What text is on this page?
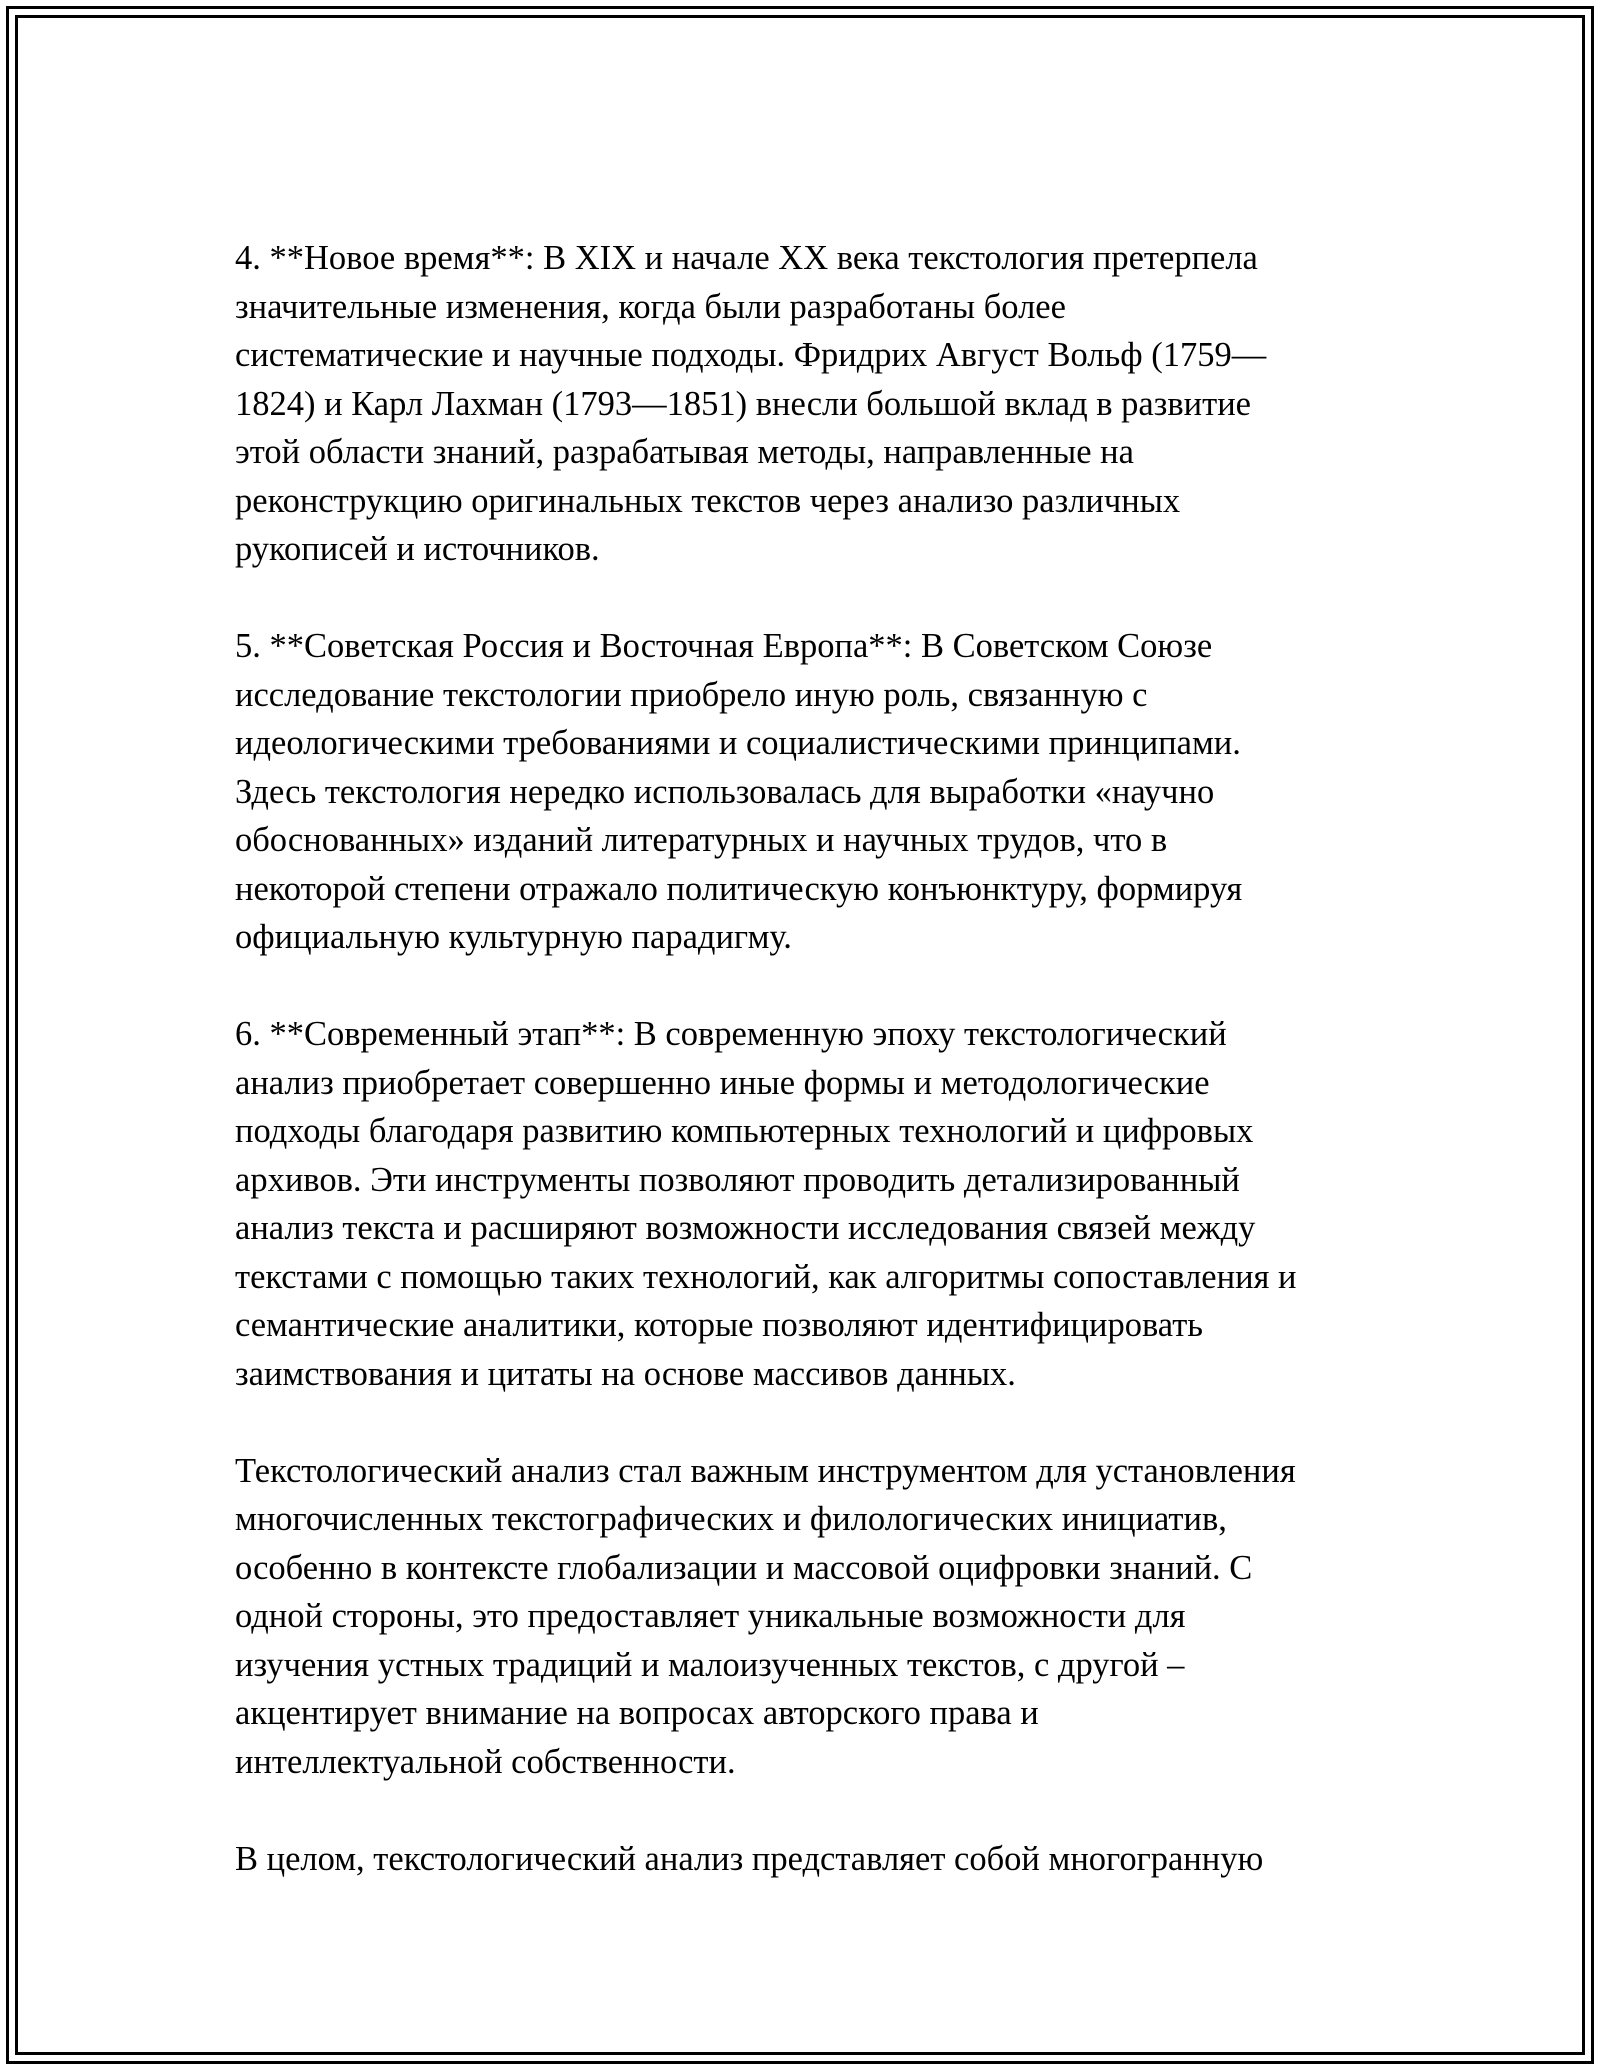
4. **Новое время**: В XIX и начале XX века текстология претерпела
значительные изменения, когда были разработаны более
систематические и научные подходы. Фридрих Август Вольф (1759—
1824) и Карл Лахман (1793—1851) внесли большой вклад в развитие
этой области знаний, разрабатывая методы, направленные на
реконструкцию оригинальных текстов через анализо различных
рукописей и источников.
5. **Советская Россия и Восточная Европа**: В Советском Союзе
исследование текстологии приобрело иную роль, связанную с
идеологическими требованиями и социалистическими принципами.
Здесь текстология нередко использовалась для выработки «научно
обоснованных» изданий литературных и научных трудов, что в
некоторой степени отражало политическую конъюнктуру, формируя
официальную культурную парадигму.
6. **Современный этап**: В современную эпоху текстологический
анализ приобретает совершенно иные формы и методологические
подходы благодаря развитию компьютерных технологий и цифровых
архивов. Эти инструменты позволяют проводить детализированный
анализ текста и расширяют возможности исследования связей между
текстами с помощью таких технологий, как алгоритмы сопоставления и
семантические аналитики, которые позволяют идентифицировать
заимствования и цитаты на основе массивов данных.
Текстологический анализ стал важным инструментом для установления
многочисленных текстографических и филологических инициатив,
особенно в контексте глобализации и массовой оцифровки знаний. С
одной стороны, это предоставляет уникальные возможности для
изучения устных традиций и малоизученных текстов, с другой –
акцентирует внимание на вопросах авторского права и
интеллектуальной собственности.
В целом, текстологический анализ представляет собой многогранную
